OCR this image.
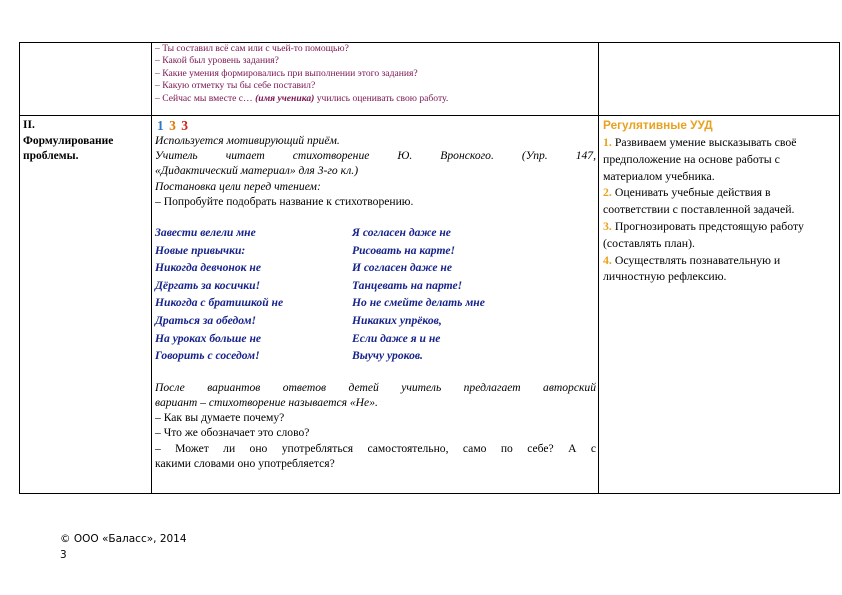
– Ты составил всё сам или с чьей-то помощью?
– Какой был уровень задания?
– Какие умения формировались при выполнении этого задания?
– Какую отметку ты бы себе поставил?
– Сейчас мы вместе с… (имя ученика) учились оценивать свою работу.
II.
Формулирование проблемы.
1 3 3
Используется мотивирующий приём.
Учитель читает стихотворение Ю. Вронского. (Упр. 147,
«Дидактический материал» для 3-го кл.)
Постановка цели перед чтением:
– Попробуйте подобрать название к стихотворению.
Завести велели мне	Я согласен даже не
Новые привычки:	Рисовать на карте!
Никогда девчонок не	И согласен даже не
Дёргать за косички!	Танцевать на парте!
Никогда с братишкой не	Но не смейте делать мне
Драться за обедом!	Никаких упрёков,
На уроках больше не	Если даже я и не
Говорить с соседом!	Выучу уроков.
После вариантов ответов детей учитель предлагает авторский
вариант – стихотворение называется «Не».
– Как вы думаете почему?
– Что же обозначает это слово?
– Может ли оно употребляться самостоятельно, само по себе? А с
какими словами оно употребляется?
Регулятивные УУД
1. Развиваем умение высказывать своё предположение на основе работы с материалом учебника.
2. Оценивать учебные действия в соответствии с поставленной задачей.
3. Прогнозировать предстоящую работу (составлять план).
4. Осуществлять познавательную и личностную рефлексию.
© ООО «Баласс», 2014
3
